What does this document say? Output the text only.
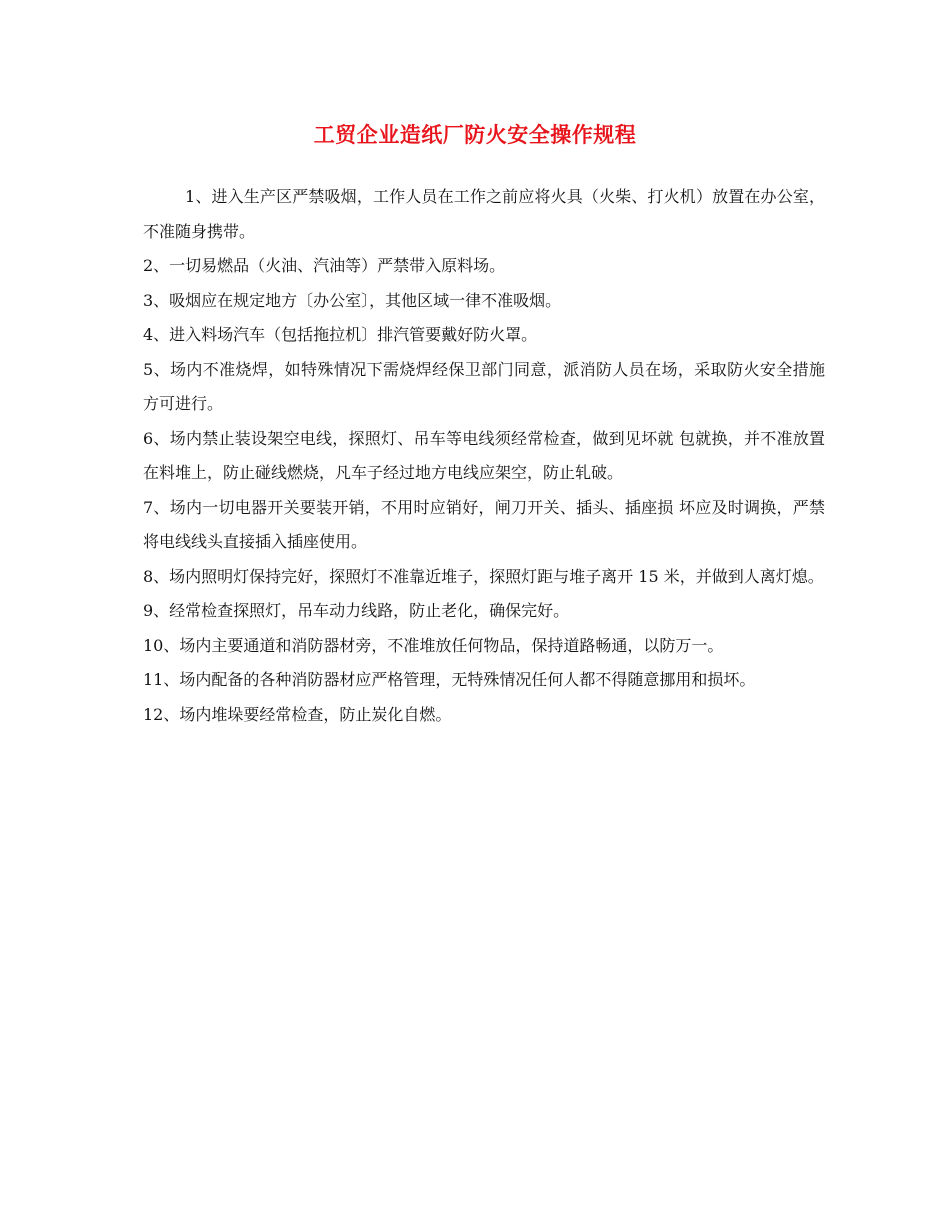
工贸企业造纸厂防火安全操作规程

1、进入生产区严禁吸烟，工作人员在工作之前应将火具（火柴、打火机）放置在办公室，不准随身携带。

2、一切易燃品（火油、汽油等）严禁带入原料场。

3、吸烟应在规定地方〔办公室〕，其他区域一律不准吸烟。

4、进入料场汽车（包括拖拉机〕排汽管要戴好防火罩。

5、场内不准烧焊，如特殊情况下需烧焊经保卫部门同意，派消防人员在场，采取防火安全措施方可进行。

6、场内禁止装设架空电线，探照灯、吊车等电线须经常检查，做到见坏就 包就换，并不准放置在料堆上，防止碰线燃烧，凡车子经过地方电线应架空，防止轧破。

7、场内一切电器开关要装开销，不用时应销好，闸刀开关、插头、插座损 坏应及时调换，严禁将电线线头直接插入插座使用。

8、场内照明灯保持完好，探照灯不准靠近堆子，探照灯距与堆子离开 15 米，并做到人离灯熄。

9、经常检查探照灯，吊车动力线路，防止老化，确保完好。

10、场内主要通道和消防器材旁，不准堆放任何物品，保持道路畅通，以防万一。

11、场内配备的各种消防器材应严格管理，无特殊情况任何人都不得随意挪用和损坏。

12、场内堆垛要经常检查，防止炭化自燃。
